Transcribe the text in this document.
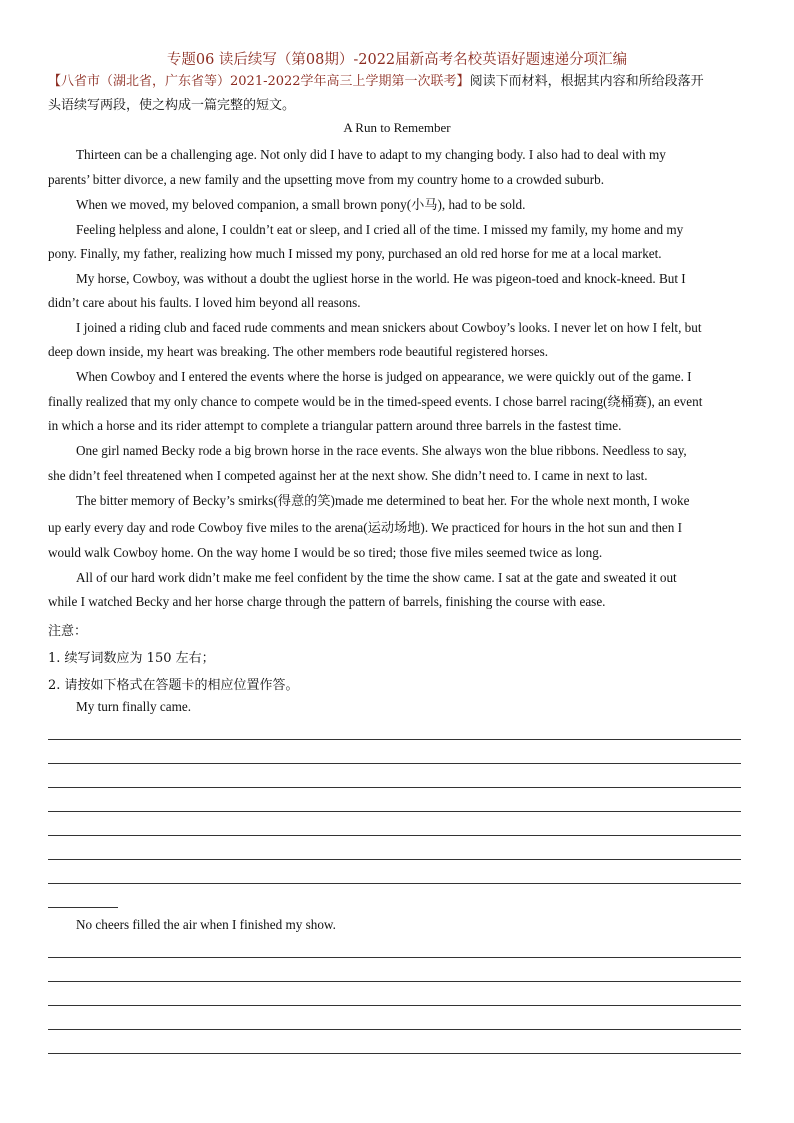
专题06 读后续写（第08期）-2022届新高考名校英语好题速递分项汇编
【八省市（湖北省，广东省等）2021-2022学年高三上学期第一次联考】阅读下而材料，根据其内容和所给段落开
头语续写两段，使之构成一篇完整的短文。
A Run to Remember
Thirteen can be a challenging age. Not only did I have to adapt to my changing body. I also had to deal with my
parents’ bitter divorce, a new family and the upsetting move from my country home to a crowded suburb.
When we moved, my beloved companion, a small brown pony(小马), had to be sold.
Feeling helpless and alone, I couldn’t eat or sleep, and I cried all of the time. I missed my family, my home and my
pony. Finally, my father, realizing how much I missed my pony, purchased an old red horse for me at a local market.
My horse, Cowboy, was without a doubt the ugliest horse in the world. He was pigeon-toed and knock-kneed. But I
didn’t care about his faults. I loved him beyond all reasons.
I joined a riding club and faced rude comments and mean snickers about Cowboy’s looks. I never let on how I felt, but
deep down inside, my heart was breaking. The other members rode beautiful registered horses.
When Cowboy and I entered the events where the horse is judged on appearance, we were quickly out of the game. I
finally realized that my only chance to compete would be in the timed-speed events. I chose barrel racing(绕桶赛), an event
in which a horse and its rider attempt to complete a triangular pattern around three barrels in the fastest time.
One girl named Becky rode a big brown horse in the race events. She always won the blue ribbons. Needless to say,
she didn’t feel threatened when I competed against her at the next show. She didn’t need to. I came in next to last.
The bitter memory of Becky’s smirks(得意的笑)made me determined to beat her. For the whole next month, I woke
up early every day and rode Cowboy five miles to the arena(运动场地). We practiced for hours in the hot sun and then I
would walk Cowboy home. On the way home I would be so tired; those five miles seemed twice as long.
All of our hard work didn’t make me feel confident by the time the show came. I sat at the gate and sweated it out
while I watched Becky and her horse charge through the pattern of barrels, finishing the course with ease.
注意：
1. 续写词数应为 150 左右；
2. 请按如下格式在答题卡的相应位置作答。
My turn finally came.
No cheers filled the air when I finished my show.
